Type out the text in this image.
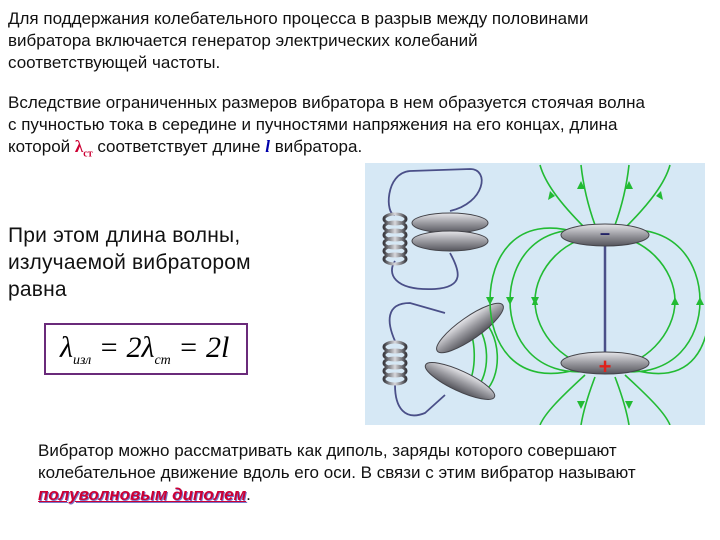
Для поддержания колебательного процесса в разрыв между половинами вибратора включается генератор электрических колебаний соответствующей частоты.

Вследствие ограниченных размеров вибратора в нем образуется стоячая волна с пучностью тока в середине и пучностями напряжения на его концах, длина которой $\lambda_{ст}$ соответствует длине l вибратора.

При этом длина волны, излучаемой вибратором равна

$\lambda_{изл} = 2\lambda_{ст} = 2l$
–
+

Вибратор можно рассматривать как диполь, заряды которого совершают колебательное движение вдоль его оси. В связи с этим вибратор называют полуволновым диполем.
